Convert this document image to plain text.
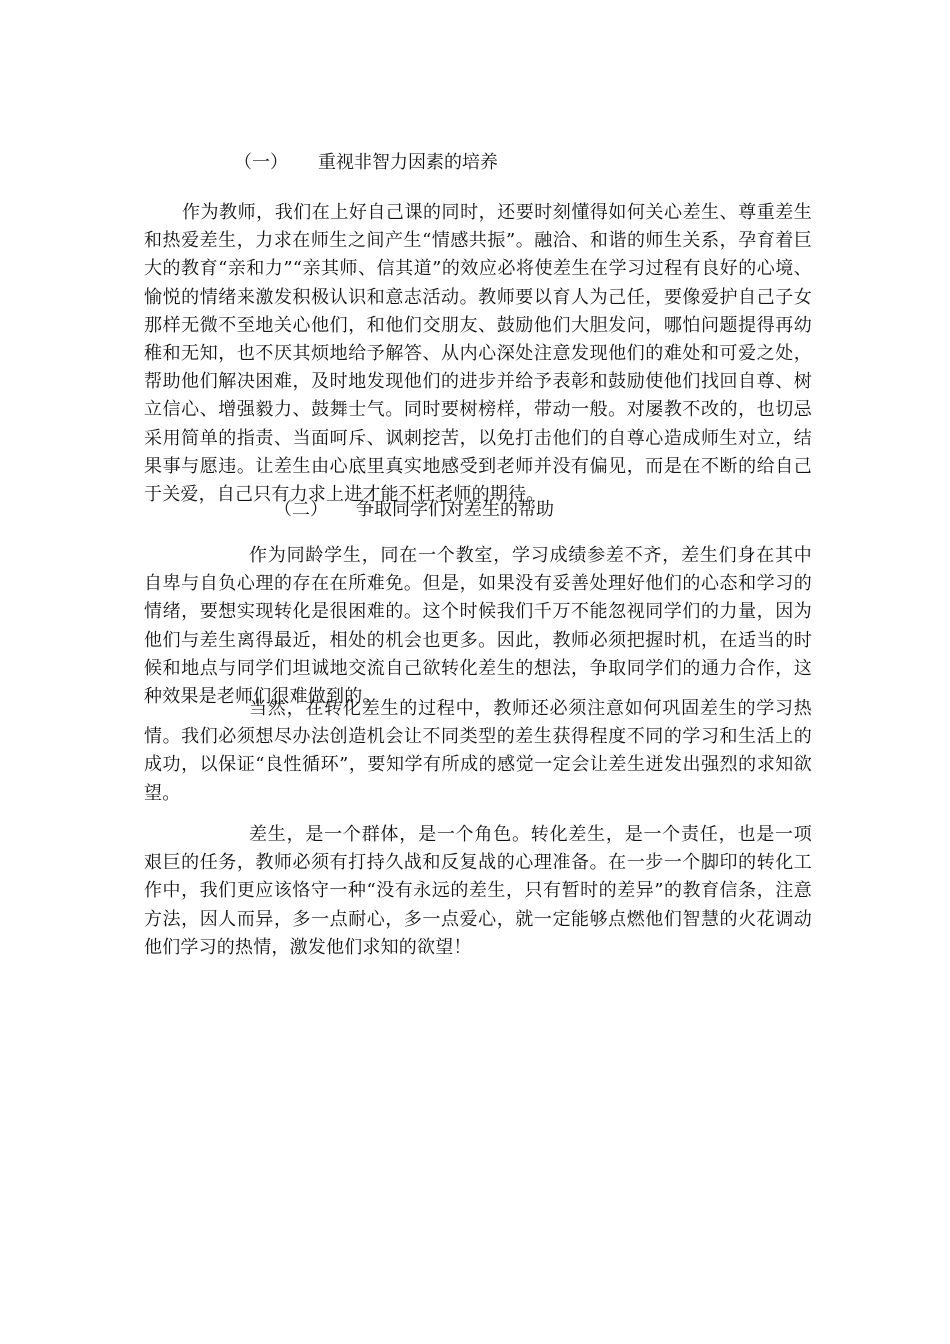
（一） 重视非智力因素的培养

作为教师，我们在上好自己课的同时，还要时刻懂得如何关心差生、尊重差生和热爱差生，力求在师生之间产生“情感共振”。融洽、和谐的师生关系，孕育着巨大的教育“亲和力”“亲其师、信其道”的效应必将使差生在学习过程有良好的心境、愉悦的情绪来激发积极认识和意志活动。教师要以育人为己任，要像爱护自己子女那样无微不至地关心他们，和他们交朋友、鼓励他们大胆发问，哪怕问题提得再幼稚和无知，也不厌其烦地给予解答、从内心深处注意发现他们的难处和可爱之处，帮助他们解决困难，及时地发现他们的进步并给予表彰和鼓励使他们找回自尊、树立信心、增强毅力、鼓舞士气。同时要树榜样，带动一般。对屡教不改的，也切忌采用简单的指责、当面呵斥、讽刺挖苦，以免打击他们的自尊心造成师生对立，结果事与愿违。让差生由心底里真实地感受到老师并没有偏见，而是在不断的给自己于关爱，自己只有力求上进才能不枉老师的期待。

（二） 争取同学们对差生的帮助

作为同龄学生，同在一个教室，学习成绩参差不齐，差生们身在其中自卑与自负心理的存在在所难免。但是，如果没有妥善处理好他们的心态和学习的情绪，要想实现转化是很困难的。这个时候我们千万不能忽视同学们的力量，因为他们与差生离得最近，相处的机会也更多。因此，教师必须把握时机，在适当的时候和地点与同学们坦诚地交流自己欲转化差生的想法，争取同学们的通力合作，这种效果是老师们很难做到的。

当然，在转化差生的过程中，教师还必须注意如何巩固差生的学习热情。我们必须想尽办法创造机会让不同类型的差生获得程度不同的学习和生活上的成功，以保证“良性循环”，要知学有所成的感觉一定会让差生迸发出强烈的求知欲望。

差生，是一个群体，是一个角色。转化差生，是一个责任，也是一项艰巨的任务，教师必须有打持久战和反复战的心理准备。在一步一个脚印的转化工作中，我们更应该恪守一种“没有永远的差生，只有暂时的差异”的教育信条，注意方法，因人而异，多一点耐心，多一点爱心，就一定能够点燃他们智慧的火花调动他们学习的热情，激发他们求知的欲望！
